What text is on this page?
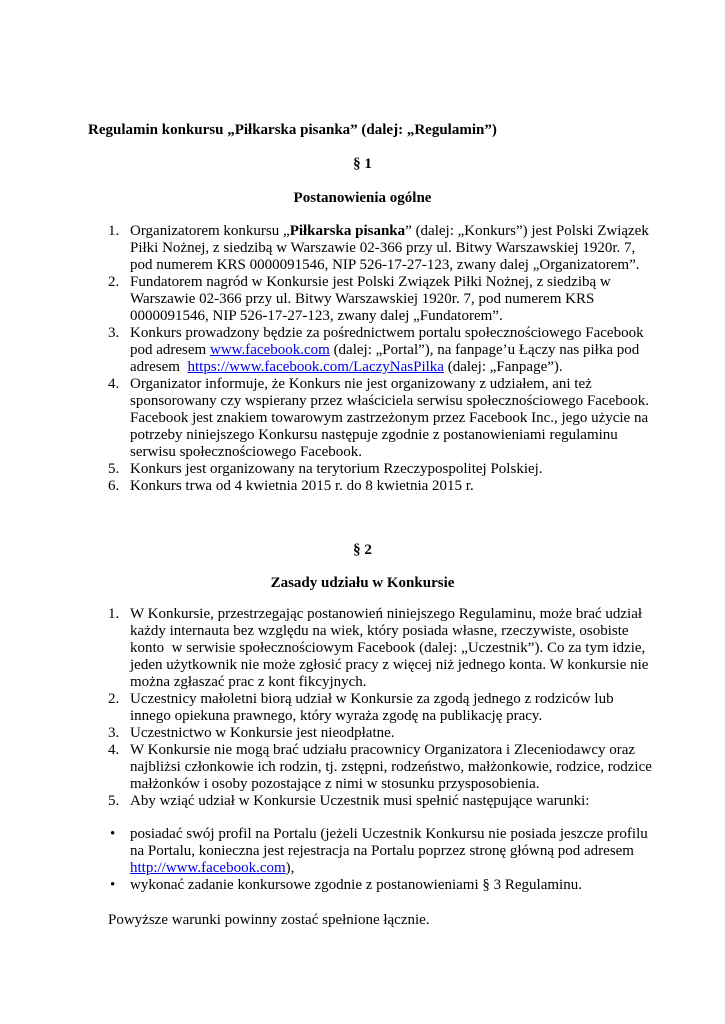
Regulamin konkursu „Piłkarska pisanka” (dalej: „Regulamin”)
§ 1
Postanowienia ogólne
1. Organizatorem konkursu „Piłkarska pisanka” (dalej: „Konkurs”) jest Polski Związek
Piłki Nożnej, z siedzibą w Warszawie 02-366 przy ul. Bitwy Warszawskiej 1920r. 7,
pod numerem KRS 0000091546, NIP 526-17-27-123, zwany dalej „Organizatorem”.
2. Fundatorem nagród w Konkursie jest Polski Związek Piłki Nożnej, z siedzibą w
Warszawie 02-366 przy ul. Bitwy Warszawskiej 1920r. 7, pod numerem KRS
0000091546, NIP 526-17-27-123, zwany dalej „Fundatorem”.
3. Konkurs prowadzony będzie za pośrednictwem portalu społecznościowego Facebook
pod adresem www.facebook.com (dalej: „Portal”), na fanpage’u Łączy nas piłka pod
adresem  https://www.facebook.com/LaczyNasPilka (dalej: „Fanpage”).
4. Organizator informuje, że Konkurs nie jest organizowany z udziałem, ani też
sponsorowany czy wspierany przez właściciela serwisu społecznościowego Facebook.
Facebook jest znakiem towarowym zastrzeżonym przez Facebook Inc., jego użycie na
potrzeby niniejszego Konkursu następuje zgodnie z postanowieniami regulaminu
serwisu społecznościowego Facebook.
5. Konkurs jest organizowany na terytorium Rzeczypospolitej Polskiej.
6. Konkurs trwa od 4 kwietnia 2015 r. do 8 kwietnia 2015 r.
§ 2
Zasady udziału w Konkursie
1. W Konkursie, przestrzegając postanowień niniejszego Regulaminu, może brać udział
każdy internauta bez względu na wiek, który posiada własne, rzeczywiste, osobiste
konto  w serwisie społecznościowym Facebook (dalej: „Uczestnik”). Co za tym idzie,
jeden użytkownik nie może zgłosić pracy z więcej niż jednego konta. W konkursie nie
można zgłaszać prac z kont fikcyjnych.
2. Uczestnicy małoletni biorą udział w Konkursie za zgodą jednego z rodziców lub
innego opiekuna prawnego, który wyraża zgodę na publikację pracy.
3. Uczestnictwo w Konkursie jest nieodpłatne.
4. W Konkursie nie mogą brać udziału pracownicy Organizatora i Zleceniodawcy oraz
najbliżsi członkowie ich rodzin, tj. zstępni, rodzeństwo, małżonkowie, rodzice, rodzice
małżonków i osoby pozostające z nimi w stosunku przysposobienia.
5. Aby wziąć udział w Konkursie Uczestnik musi spełnić następujące warunki:
• posiadać swój profil na Portalu (jeżeli Uczestnik Konkursu nie posiada jeszcze profilu
na Portalu, konieczna jest rejestracja na Portalu poprzez stronę główną pod adresem
http://www.facebook.com),
• wykonać zadanie konkursowe zgodnie z postanowieniami § 3 Regulaminu.
Powyższe warunki powinny zostać spełnione łącznie.
